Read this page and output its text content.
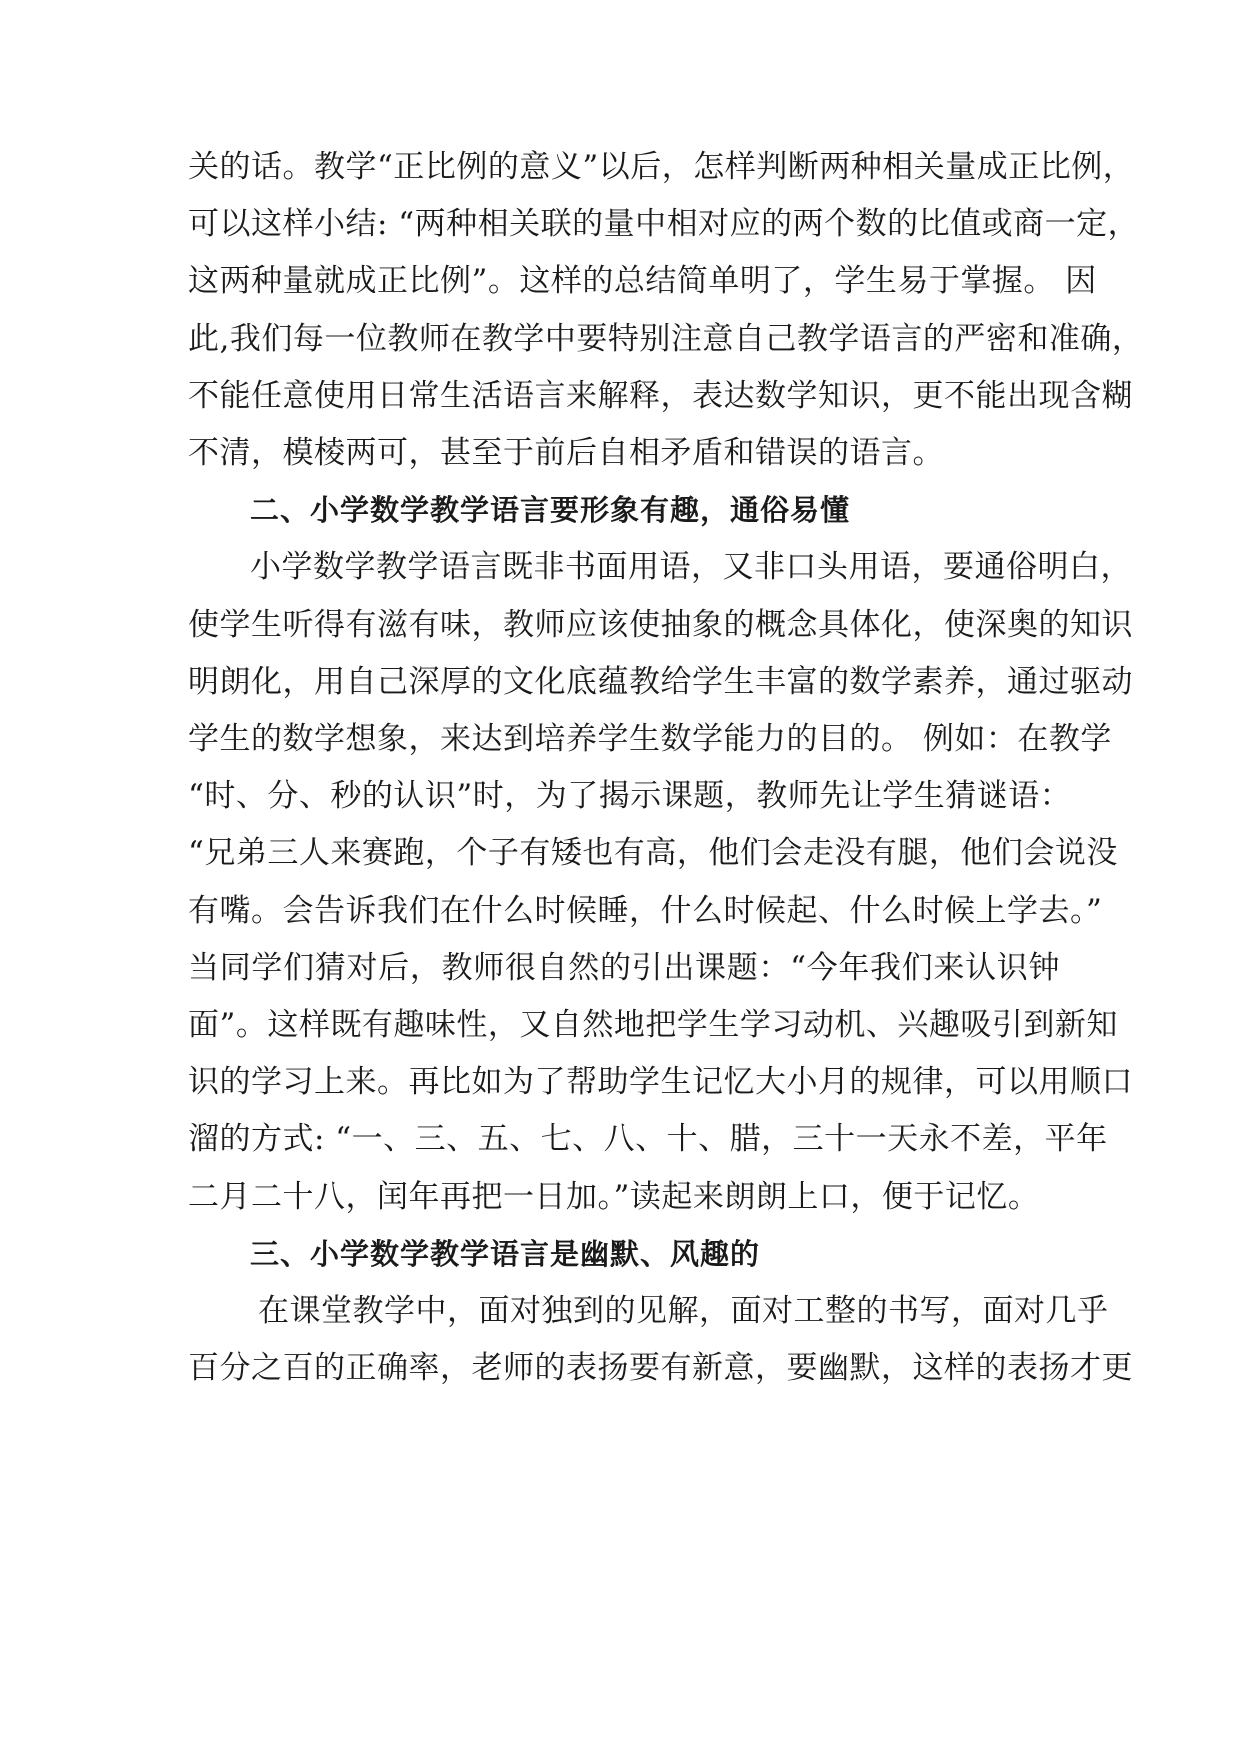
关的话。教学“正比例的意义”以后，怎样判断两种相关量成正比例，
可以这样小结: “两种相关联的量中相对应的两个数的比值或商一定，
这两种量就成正比例”。这样的总结简单明了，学生易于掌握。 因
此,我们每一位教师在教学中要特别注意自己教学语言的严密和准确，
不能任意使用日常生活语言来解释，表达数学知识，更不能出现含糊
不清，模棱两可，甚至于前后自相矛盾和错误的语言。
二、小学数学教学语言要形象有趣，通俗易懂
小学数学教学语言既非书面用语，又非口头用语，要通俗明白，
使学生听得有滋有味，教师应该使抽象的概念具体化，使深奥的知识
明朗化，用自己深厚的文化底蕴教给学生丰富的数学素养，通过驱动
学生的数学想象，来达到培养学生数学能力的目的。 例如：在教学
“时、分、秒的认识”时，为了揭示课题，教师先让学生猜谜语：
“兄弟三人来赛跑，个子有矮也有高，他们会走没有腿，他们会说没
有嘴。会告诉我们在什么时候睡，什么时候起、什么时候上学去。”
当同学们猜对后，教师很自然的引出课题：“今年我们来认识钟
面”。这样既有趣味性，又自然地把学生学习动机、兴趣吸引到新知
识的学习上来。再比如为了帮助学生记忆大小月的规律，可以用顺口
溜的方式: “一、三、五、七、八、十、腊，三十一天永不差，平年
二月二十八，闰年再把一日加。”读起来朗朗上口，便于记忆。
三、小学数学教学语言是幽默、风趣的
在课堂教学中，面对独到的见解，面对工整的书写，面对几乎
百分之百的正确率，老师的表扬要有新意，要幽默，这样的表扬才更
